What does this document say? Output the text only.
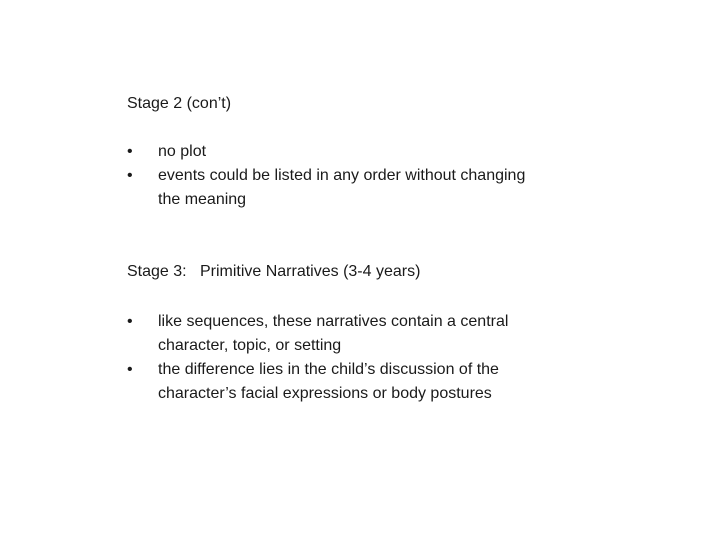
Stage 2 (con’t)
•	no plot
•	events could be listed in any order without changing the meaning
Stage 3:   Primitive Narratives (3-4 years)
•	like sequences, these narratives contain a central character, topic, or setting
•	the difference lies in the child’s discussion of the character’s facial expressions or body postures
